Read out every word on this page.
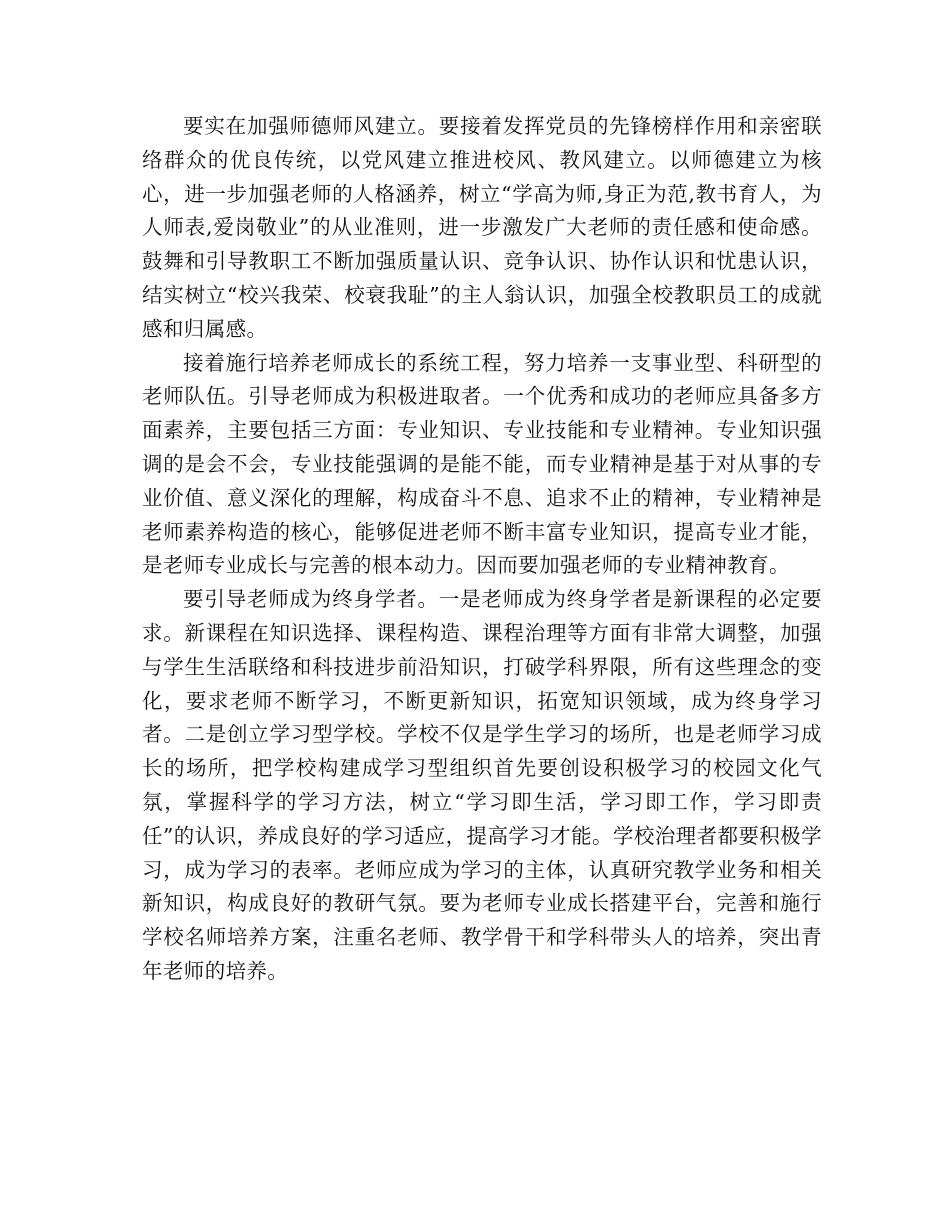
要实在加强师德师风建立。要接着发挥党员的先锋榜样作用和亲密联络群众的优良传统，以党风建立推进校风、教风建立。以师德建立为核心，进一步加强老师的人格涵养，树立“学高为师,身正为范,教书育人，为人师表,爱岗敬业”的从业准则，进一步激发广大老师的责任感和使命感。鼓舞和引导教职工不断加强质量认识、竞争认识、协作认识和忧患认识，结实树立“校兴我荣、校衰我耻”的主人翁认识，加强全校教职员工的成就感和归属感。

接着施行培养老师成长的系统工程，努力培养一支事业型、科研型的老师队伍。引导老师成为积极进取者。一个优秀和成功的老师应具备多方面素养，主要包括三方面：专业知识、专业技能和专业精神。专业知识强调的是会不会，专业技能强调的是能不能，而专业精神是基于对从事的专业价值、意义深化的理解，构成奋斗不息、追求不止的精神，专业精神是老师素养构造的核心，能够促进老师不断丰富专业知识，提高专业才能，是老师专业成长与完善的根本动力。因而要加强老师的专业精神教育。

要引导老师成为终身学者。一是老师成为终身学者是新课程的必定要求。新课程在知识选择、课程构造、课程治理等方面有非常大调整，加强与学生生活联络和科技进步前沿知识，打破学科界限，所有这些理念的变化，要求老师不断学习，不断更新知识，拓宽知识领域，成为终身学习者。二是创立学习型学校。学校不仅是学生学习的场所，也是老师学习成长的场所，把学校构建成学习型组织首先要创设积极学习的校园文化气氛，掌握科学的学习方法，树立“学习即生活，学习即工作，学习即责任”的认识，养成良好的学习适应，提高学习才能。学校治理者都要积极学习，成为学习的表率。老师应成为学习的主体，认真研究教学业务和相关新知识，构成良好的教研气氛。要为老师专业成长搭建平台，完善和施行学校名师培养方案，注重名老师、教学骨干和学科带头人的培养，突出青年老师的培养。
